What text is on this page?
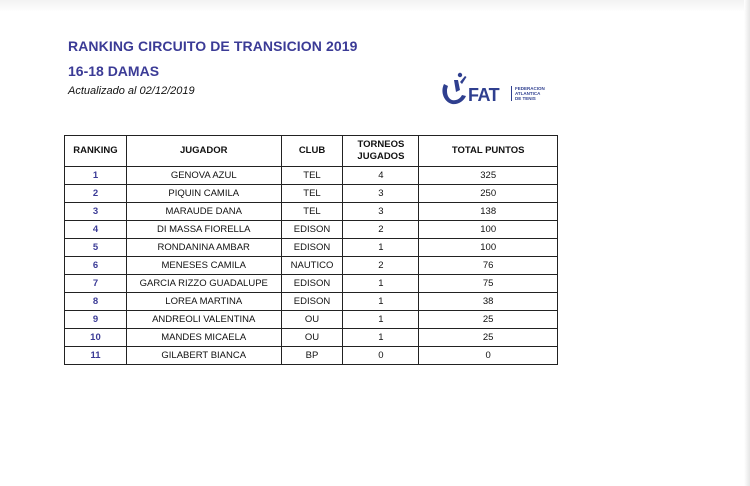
RANKING CIRCUITO DE TRANSICION 2019
16-18 DAMAS
Actualizado al 02/12/2019	FAT	FEDERACION
ATLANTICA
DE TENIS
RANKING	JUGADOR	CLUB	TORNEOS
JUGADOS	TOTAL PUNTOS
1	GENOVA AZUL	TEL	4	325
2	PIQUIN CAMILA	TEL	3	250
3	MARAUDE DANA	TEL	3	138
4	DI MASSA FIORELLA	EDISON	2	100
5	RONDANINA AMBAR	EDISON	1	100
6	MENESES CAMILA	NAUTICO	2	76
7	GARCIA RIZZO GUADALUPE	EDISON	1	75
8	LOREA MARTINA	EDISON	1	38
9	ANDREOLI VALENTINA	OU	1	25
10	MANDES MICAELA	OU	1	25
11	GILABERT BIANCA	BP	0	0
